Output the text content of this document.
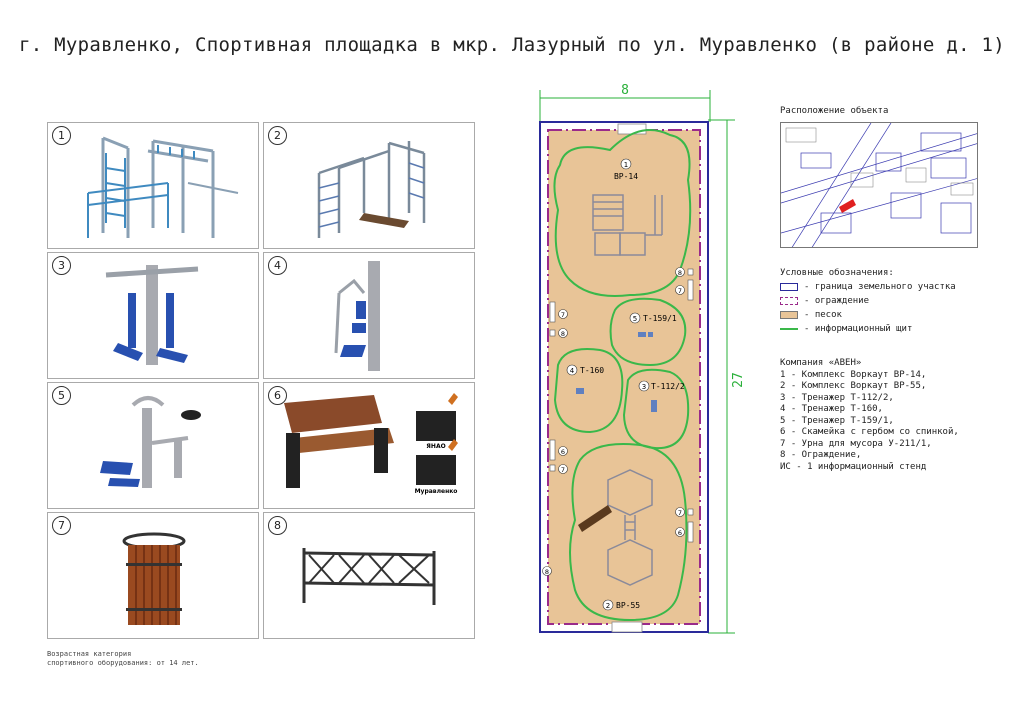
г. Муравленко, Спортивная площадка в мкр. Лазурный по ул. Муравленко (в районе д. 1)
1	2
3	4
5
ЯНАО
Муравленко
6
7	8
Возрастная категория
спортивного оборудования: от 14 лет.
8
27
1
ВР-14
5 Т-159/1
4 Т-160
3 Т-112/2
2 ВР-55
8
7
7
8
6
7
7
6
8
Расположение объекта
Условные обозначения:
- граница земельного участка
- ограждение
- песок
- информационный щит
Компания «АВЕН»
1 - Комплекс Воркаут ВР-14,
2 - Комплекс Воркаут ВР-55,
3 - Тренажер Т-112/2,
4 - Тренажер Т-160,
5 - Тренажер Т-159/1,
6 - Скамейка с гербом со спинкой,
7 - Урна для мусора У-211/1,
8 - Ограждение,
ИС - 1 информационный стенд
